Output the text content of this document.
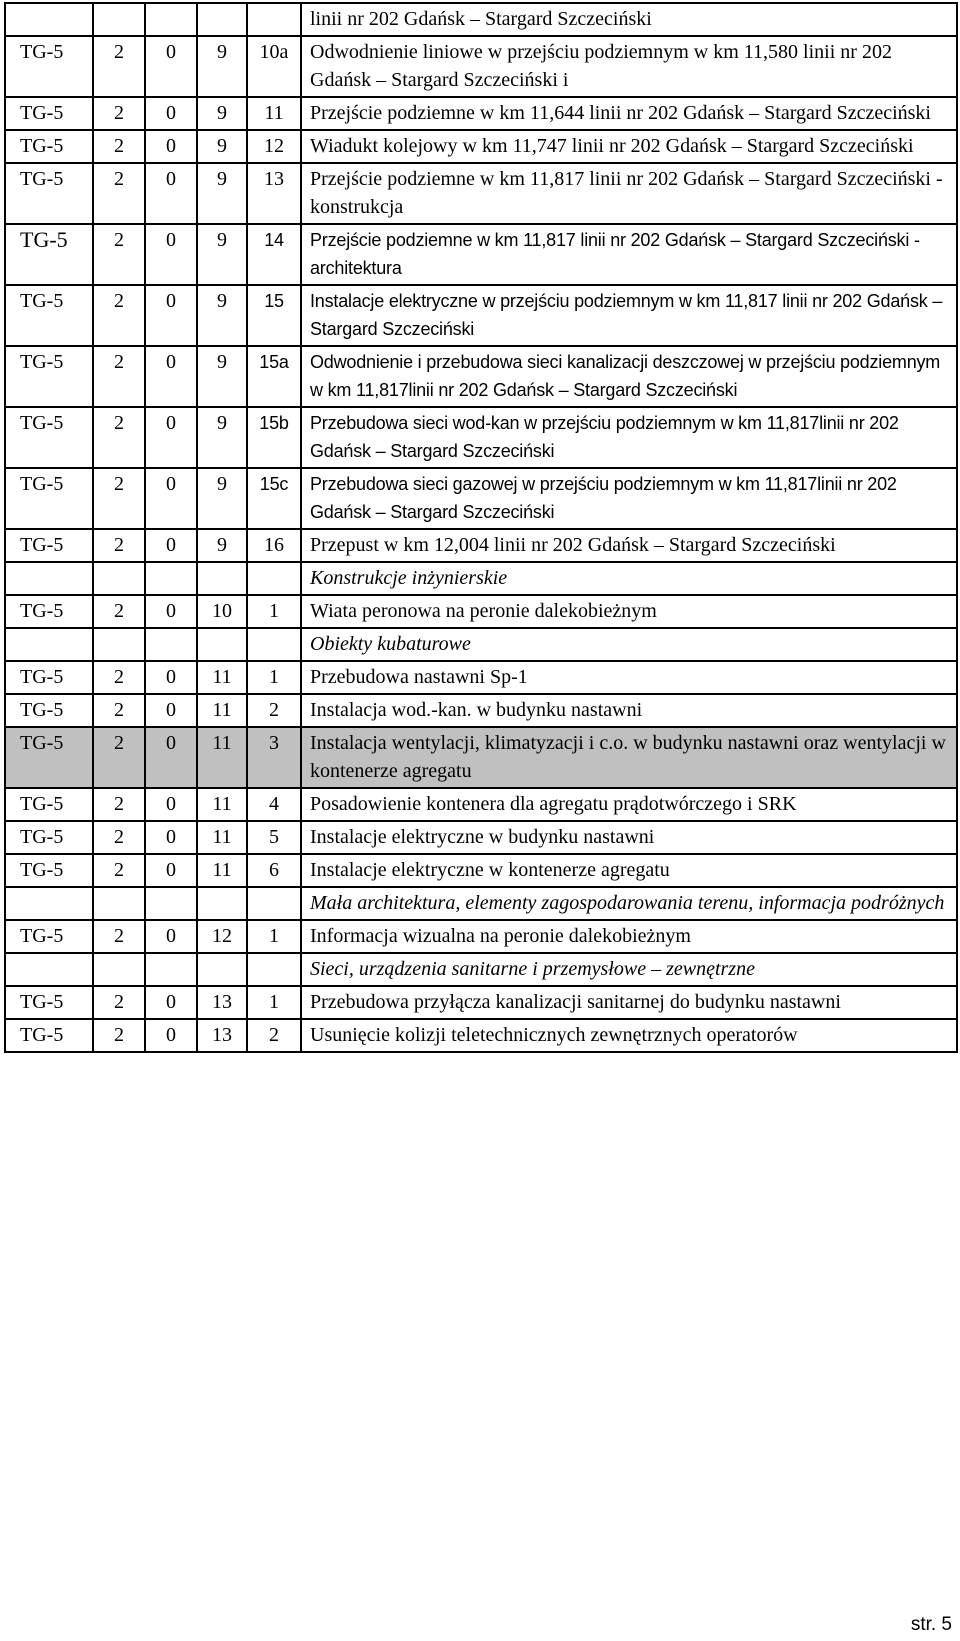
					linii nr 202 Gdańsk – Stargard Szczeciński
TG-5	2	0	9	10a	Odwodnienie liniowe w przejściu podziemnym w km 11,580 linii nr 202 Gdańsk – Stargard Szczeciński i
TG-5	2	0	9	11	Przejście podziemne w km 11,644 linii nr 202 Gdańsk – Stargard Szczeciński
TG-5	2	0	9	12	Wiadukt kolejowy w km 11,747 linii nr 202 Gdańsk – Stargard Szczeciński
TG-5	2	0	9	13	Przejście podziemne w km 11,817 linii nr 202 Gdańsk – Stargard Szczeciński - konstrukcja
TG-5	2	0	9	14	Przejście podziemne w km 11,817 linii nr 202 Gdańsk – Stargard Szczeciński - architektura
TG-5	2	0	9	15	Instalacje elektryczne w przejściu podziemnym w km 11,817 linii nr 202 Gdańsk – Stargard Szczeciński
TG-5	2	0	9	15a	Odwodnienie i przebudowa sieci kanalizacji deszczowej w przejściu podziemnym w km 11,817linii nr 202 Gdańsk – Stargard Szczeciński
TG-5	2	0	9	15b	Przebudowa sieci wod-kan w przejściu podziemnym w km 11,817linii nr 202 Gdańsk – Stargard Szczeciński
TG-5	2	0	9	15c	Przebudowa sieci gazowej w przejściu podziemnym w km 11,817linii nr 202 Gdańsk – Stargard Szczeciński
TG-5	2	0	9	16	Przepust w km 12,004 linii nr 202 Gdańsk – Stargard Szczeciński
					Konstrukcje inżynierskie
TG-5	2	0	10	1	Wiata peronowa na peronie dalekobieżnym
					Obiekty kubaturowe
TG-5	2	0	11	1	Przebudowa nastawni Sp-1
TG-5	2	0	11	2	Instalacja wod.-kan. w budynku nastawni
TG-5	2	0	11	3	Instalacja wentylacji, klimatyzacji i c.o. w budynku nastawni oraz wentylacji w kontenerze agregatu
TG-5	2	0	11	4	Posadowienie kontenera dla agregatu prądotwórczego i SRK
TG-5	2	0	11	5	Instalacje elektryczne w budynku nastawni
TG-5	2	0	11	6	Instalacje elektryczne w kontenerze agregatu
					Mała architektura, elementy zagospodarowania terenu, informacja podróżnych
TG-5	2	0	12	1	Informacja wizualna na peronie dalekobieżnym
					Sieci, urządzenia sanitarne i przemysłowe – zewnętrzne
TG-5	2	0	13	1	Przebudowa przyłącza kanalizacji sanitarnej do budynku nastawni
TG-5	2	0	13	2	Usunięcie kolizji teletechnicznych zewnętrznych operatorów
str. 5
